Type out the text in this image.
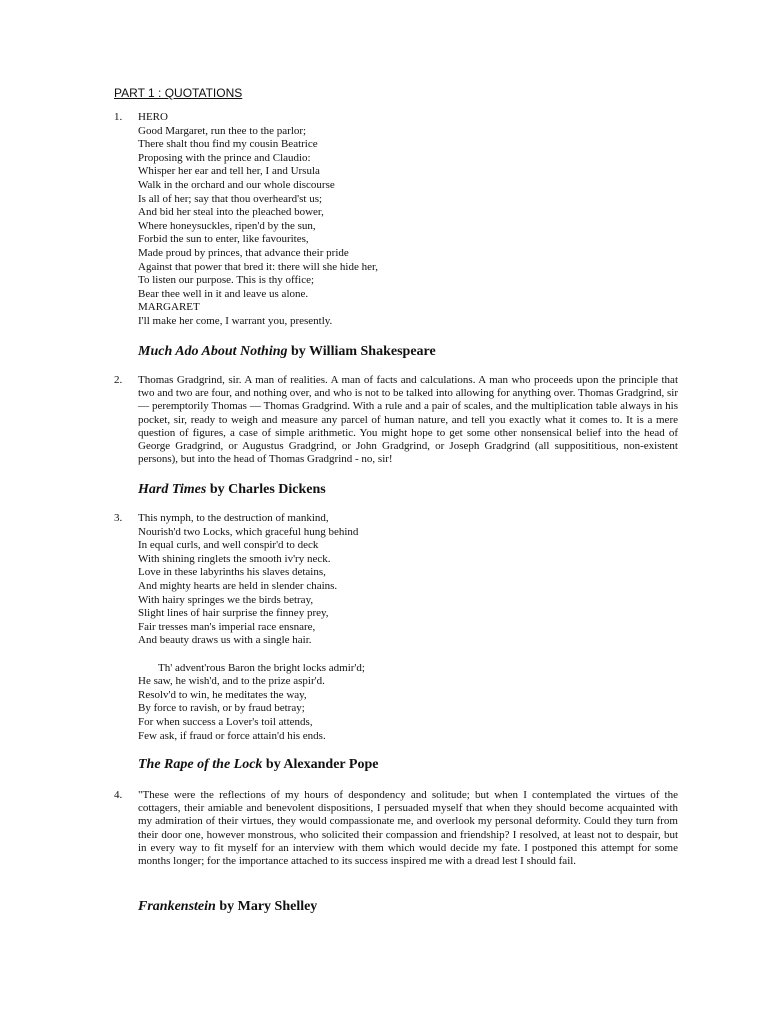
PART 1 : QUOTATIONS
1. HERO
Good Margaret, run thee to the parlor;
There shalt thou find my cousin Beatrice
Proposing with the prince and Claudio:
Whisper her ear and tell her, I and Ursula
Walk in the orchard and our whole discourse
Is all of her; say that thou overheard'st us;
And bid her steal into the pleached bower,
Where honeysuckles, ripen'd by the sun,
Forbid the sun to enter, like favourites,
Made proud by princes, that advance their pride
Against that power that bred it: there will she hide her,
To listen our purpose. This is thy office;
Bear thee well in it and leave us alone.
MARGARET
I'll make her come, I warrant you, presently.
Much Ado About Nothing by William Shakespeare
2. Thomas Gradgrind, sir. A man of realities. A man of facts and calculations. A man who proceeds upon the principle that two and two are four, and nothing over, and who is not to be talked into allowing for anything over. Thomas Gradgrind, sir — peremptorily Thomas — Thomas Gradgrind. With a rule and a pair of scales, and the multiplication table always in his pocket, sir, ready to weigh and measure any parcel of human nature, and tell you exactly what it comes to. It is a mere question of figures, a case of simple arithmetic. You might hope to get some other nonsensical belief into the head of George Gradgrind, or Augustus Gradgrind, or John Gradgrind, or Joseph Gradgrind (all supposititious, non-existent persons), but into the head of Thomas Gradgrind - no, sir!
Hard Times by Charles Dickens
3. This nymph, to the destruction of mankind,
Nourish'd two Locks, which graceful hung behind
In equal curls, and well conspir'd to deck
With shining ringlets the smooth iv'ry neck.
Love in these labyrinths his slaves detains,
And mighty hearts are held in slender chains.
With hairy springes we the birds betray,
Slight lines of hair surprise the finney prey,
Fair tresses man's imperial race ensnare,
And beauty draws us with a single hair.
Th' advent'rous Baron the bright locks admir'd;
He saw, he wish'd, and to the prize aspir'd.
Resolv'd to win, he meditates the way,
By force to ravish, or by fraud betray;
For when success a Lover's toil attends,
Few ask, if fraud or force attain'd his ends.
The Rape of the Lock by Alexander Pope
4. "These were the reflections of my hours of despondency and solitude; but when I contemplated the virtues of the cottagers, their amiable and benevolent dispositions, I persuaded myself that when they should become acquainted with my admiration of their virtues, they would compassionate me, and overlook my personal deformity. Could they turn from their door one, however monstrous, who solicited their compassion and friendship? I resolved, at least not to despair, but in every way to fit myself for an interview with them which would decide my fate. I postponed this attempt for some months longer; for the importance attached to its success inspired me with a dread lest I should fail.
Frankenstein by Mary Shelley
